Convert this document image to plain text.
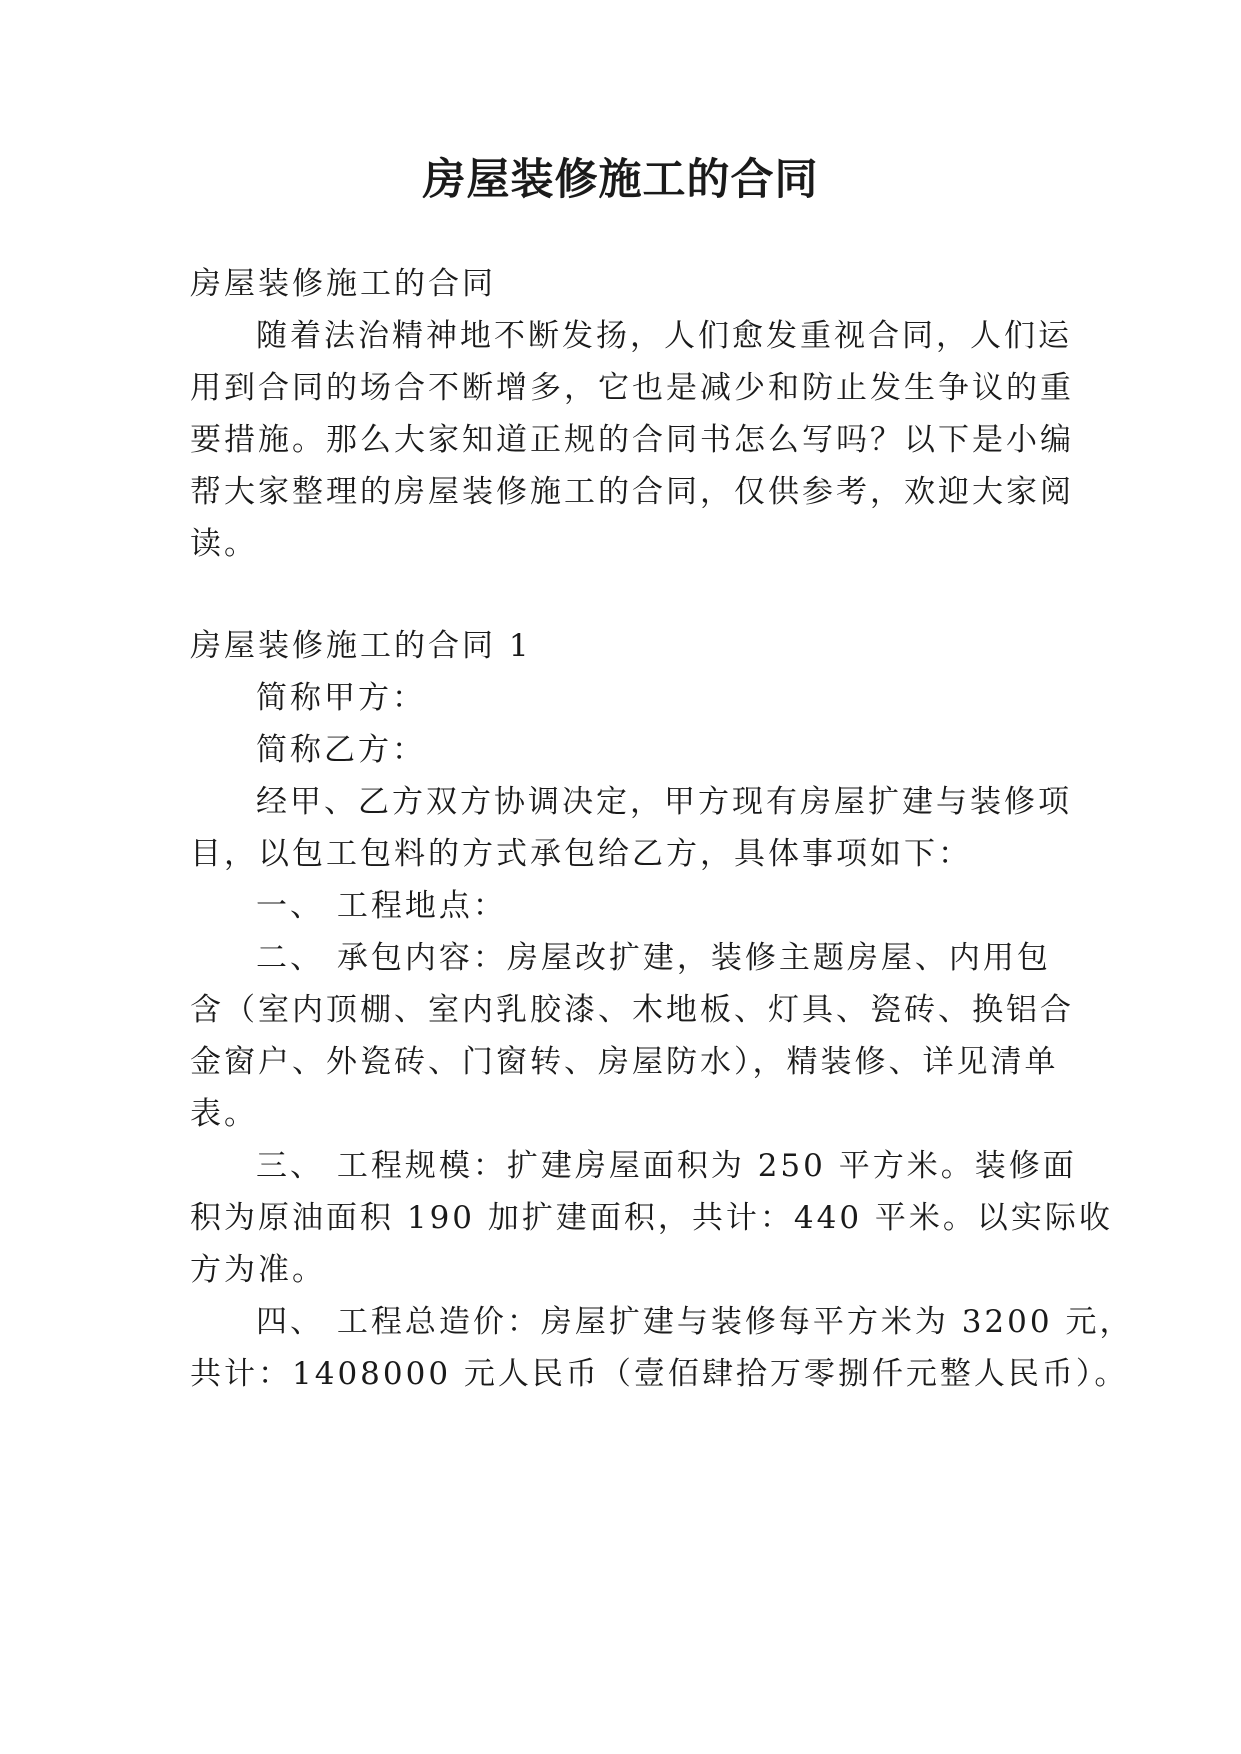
房屋装修施工的合同
房屋装修施工的合同
随着法治精神地不断发扬，人们愈发重视合同，人们运
用到合同的场合不断增多，它也是减少和防止发生争议的重
要措施。那么大家知道正规的合同书怎么写吗？以下是小编
帮大家整理的房屋装修施工的合同，仅供参考，欢迎大家阅
读。
房屋装修施工的合同 1
简称甲方：
简称乙方：
经甲、乙方双方协调决定，甲方现有房屋扩建与装修项
目，以包工包料的方式承包给乙方，具体事项如下：
一、 工程地点：
二、 承包内容：房屋改扩建，装修主题房屋、内用包
含（室内顶棚、室内乳胶漆、木地板、灯具、瓷砖、换铝合
金窗户、外瓷砖、门窗转、房屋防水），精装修、详见清单
表。
三、 工程规模：扩建房屋面积为 250 平方米。装修面
积为原油面积 190 加扩建面积，共计：440 平米。以实际收
方为准。
四、 工程总造价：房屋扩建与装修每平方米为 3200 元，
共计：1408000 元人民币（壹佰肆拾万零捌仟元整人民币）。
